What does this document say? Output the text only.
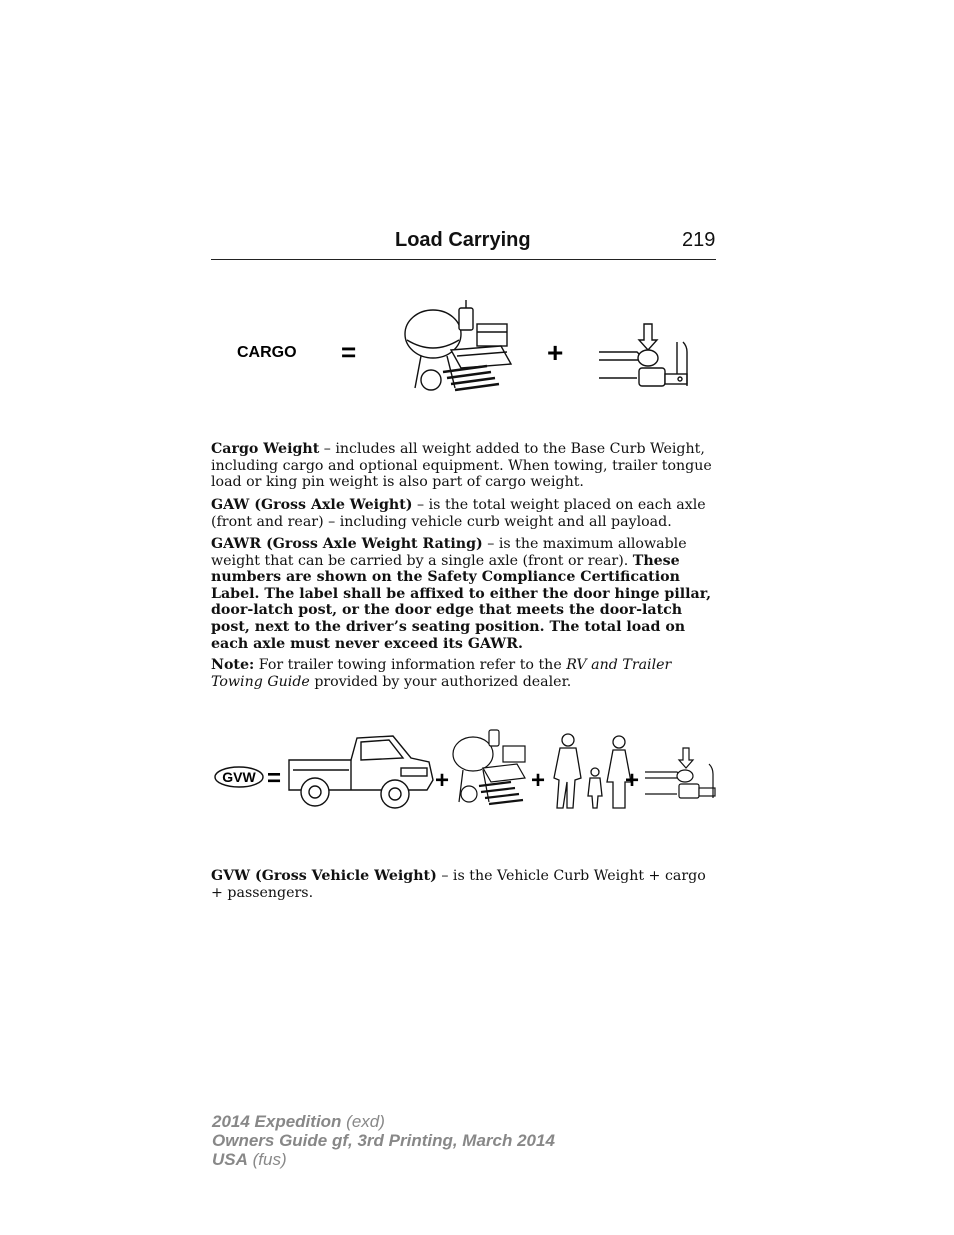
Load Carrying	219
CARGO =	+
Cargo Weight – includes all weight added to the Base Curb Weight, including cargo and optional equipment. When towing, trailer tongue load or king pin weight is also part of cargo weight.
GAW (Gross Axle Weight) – is the total weight placed on each axle (front and rear) – including vehicle curb weight and all payload.
GAWR (Gross Axle Weight Rating) – is the maximum allowable weight that can be carried by a single axle (front or rear). These numbers are shown on the Safety Compliance Certification Label. The label shall be affixed to either the door hinge pillar, door-latch post, or the door edge that meets the door-latch post, next to the driver’s seating position. The total load on each axle must never exceed its GAWR.
Note: For trailer towing information refer to the RV and Trailer Towing Guide provided by your authorized dealer.
GVW =	+	+	+
GVW (Gross Vehicle Weight) – is the Vehicle Curb Weight + cargo + passengers.
2014 Expedition (exd)
Owners Guide gf, 3rd Printing, March 2014
USA (fus)
